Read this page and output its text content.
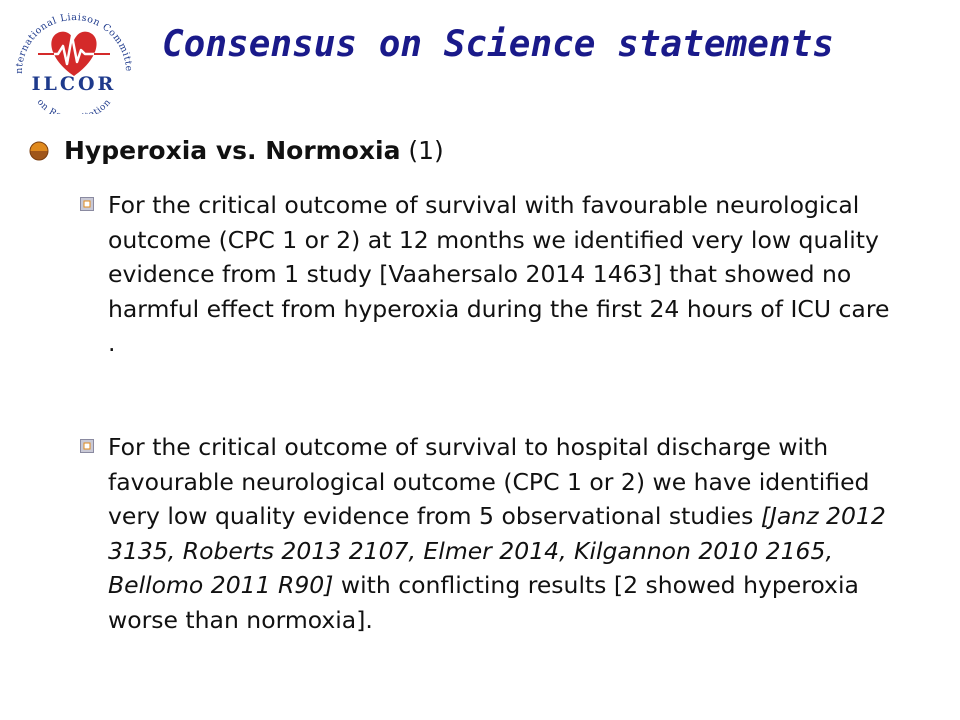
nternational Liaison Committe
on R tion
ILCOR
Consensus on Science statements
Hyperoxia vs. Normoxia (1)
For the critical outcome of survival with favourable neurological outcome (CPC 1 or 2) at 12 months we identified very low quality evidence from 1 study [Vaahersalo 2014 1463] that showed no harmful effect from hyperoxia during the first 24 hours of ICU care .
For the critical outcome of survival to hospital discharge with favourable neurological outcome (CPC 1 or 2) we have identified very low quality evidence from 5 observational studies [Janz 2012 3135, Roberts 2013 2107, Elmer 2014, Kilgannon 2010 2165, Bellomo 2011 R90] with conflicting results [2 showed hyperoxia worse than normoxia].
